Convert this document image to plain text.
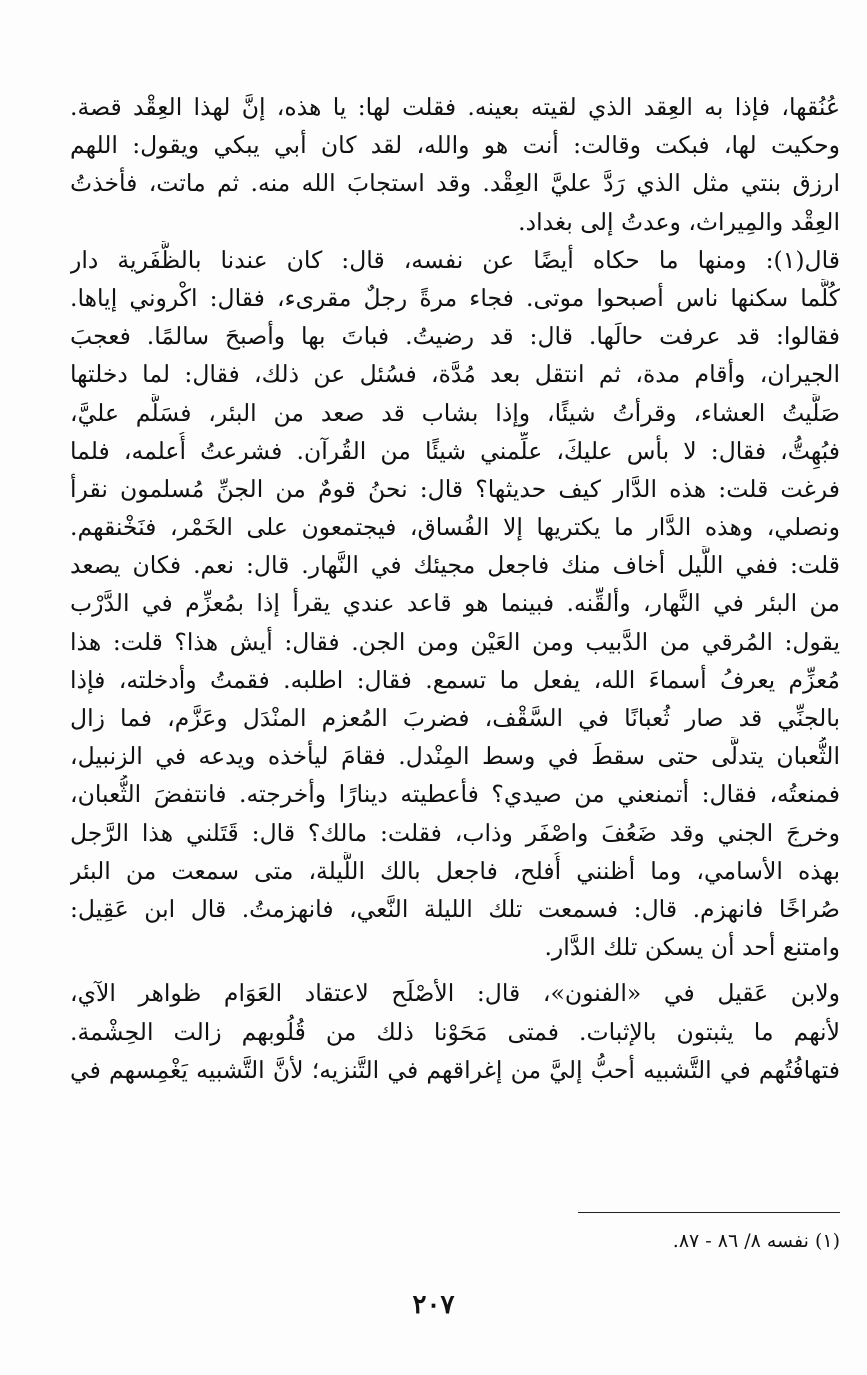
عُنُقها، فإذا به العِقد الذي لقيته بعينه. فقلت لها: يا هذه، إنَّ لهذا العِقْد قصة.
وحكيت لها، فبكت وقالت: أنت هو والله، لقد كان أبي يبكي ويقول: اللهم
ارزق بنتي مثل الذي رَدَّ عليَّ العِقْد. وقد استجابَ الله منه. ثم ماتت، فأخذتُ
العِقْد والمِيراث، وعدتُ إلى بغداد.
قال(١): ومنها ما حكاه أيضًا عن نفسه، قال: كان عندنا بالظَّفَرية دار
كُلَّما سكنها ناس أصبحوا موتى. فجاء مرةً رجلٌ مقرىء، فقال: اكْروني إياها.
فقالوا: قد عرفت حالَها. قال: قد رضيتُ. فباتَ بها وأصبحَ سالمًا. فعجبَ
الجيران، وأقام مدة، ثم انتقل بعد مُدَّة، فسُئل عن ذلك، فقال: لما دخلتها
صَلَّيتُ العشاء، وقرأتُ شيئًا، وإذا بشاب قد صعد من البئر، فسَلَّم عليَّ،
فبُهِتُّ، فقال: لا بأس عليكَ، علِّمني شيئًا من القُرآن. فشرعتُ أُعلمه، فلما
فرغت قلت: هذه الدَّار كيف حديثها؟ قال: نحنُ قومٌ من الجنِّ مُسلمون نقرأ
ونصلي، وهذه الدَّار ما يكتريها إلا الفُساق، فيجتمعون على الخَمْر، فنَخْنقهم.
قلت: ففي اللَّيل أخاف منك فاجعل مجيئك في النَّهار. قال: نعم. فكان يصعد
من البئر في النَّهار، وألقِّنه. فبينما هو قاعد عندي يقرأ إذا بمُعزِّم في الدَّرْب
يقول: المُرقي من الدَّبيب ومن العَيْن ومن الجن. فقال: أيش هذا؟ قلت: هذا
مُعزِّم يعرفُ أسماءَ الله، يفعل ما تسمع. فقال: اطلبه. فقمتُ وأدخلته، فإذا
بالجنِّي قد صار ثُعبانًا في السَّقْف، فضربَ المُعزم المنْدَل وعَزَّم، فما زال
الثُّعبان يتدلَّى حتى سقطَ في وسط المِنْدل. فقامَ ليأخذه ويدعه في الزنبيل،
فمنعتُه، فقال: أتمنعني من صيدي؟ فأعطيته دينارًا وأخرجته. فانتفضَ الثُّعبان،
وخرجَ الجني وقد ضَعُفَ واصْفَر وذاب، فقلت: مالك؟ قال: قَتَلني هذا الرَّجل
بهذه الأسامي، وما أظنني أُفلح، فاجعل بالك اللَّيلة، متى سمعت من البئر
صُراخًا فانهزم. قال: فسمعت تلك الليلة النَّعي، فانهزمتُ. قال ابن عَقِيل:
وامتنع أحد أن يسكن تلك الدَّار.
ولابن عَقيل في «الفنون»، قال: الأصْلَح لاعتقاد العَوَام ظواهر الآي،
لأنهم ما يثبتون بالإثبات. فمتى مَحَوْنا ذلك من قُلُوبهم زالت الحِشْمة.
فتهافُتُهم في التَّشبيه أحبُّ إليَّ من إغراقهم في التَّنزيه؛ لأنَّ التَّشبيه يَغْمِسهم في
(١) نفسه ٨/ ٨٦ - ٨٧.
٢٠٧
